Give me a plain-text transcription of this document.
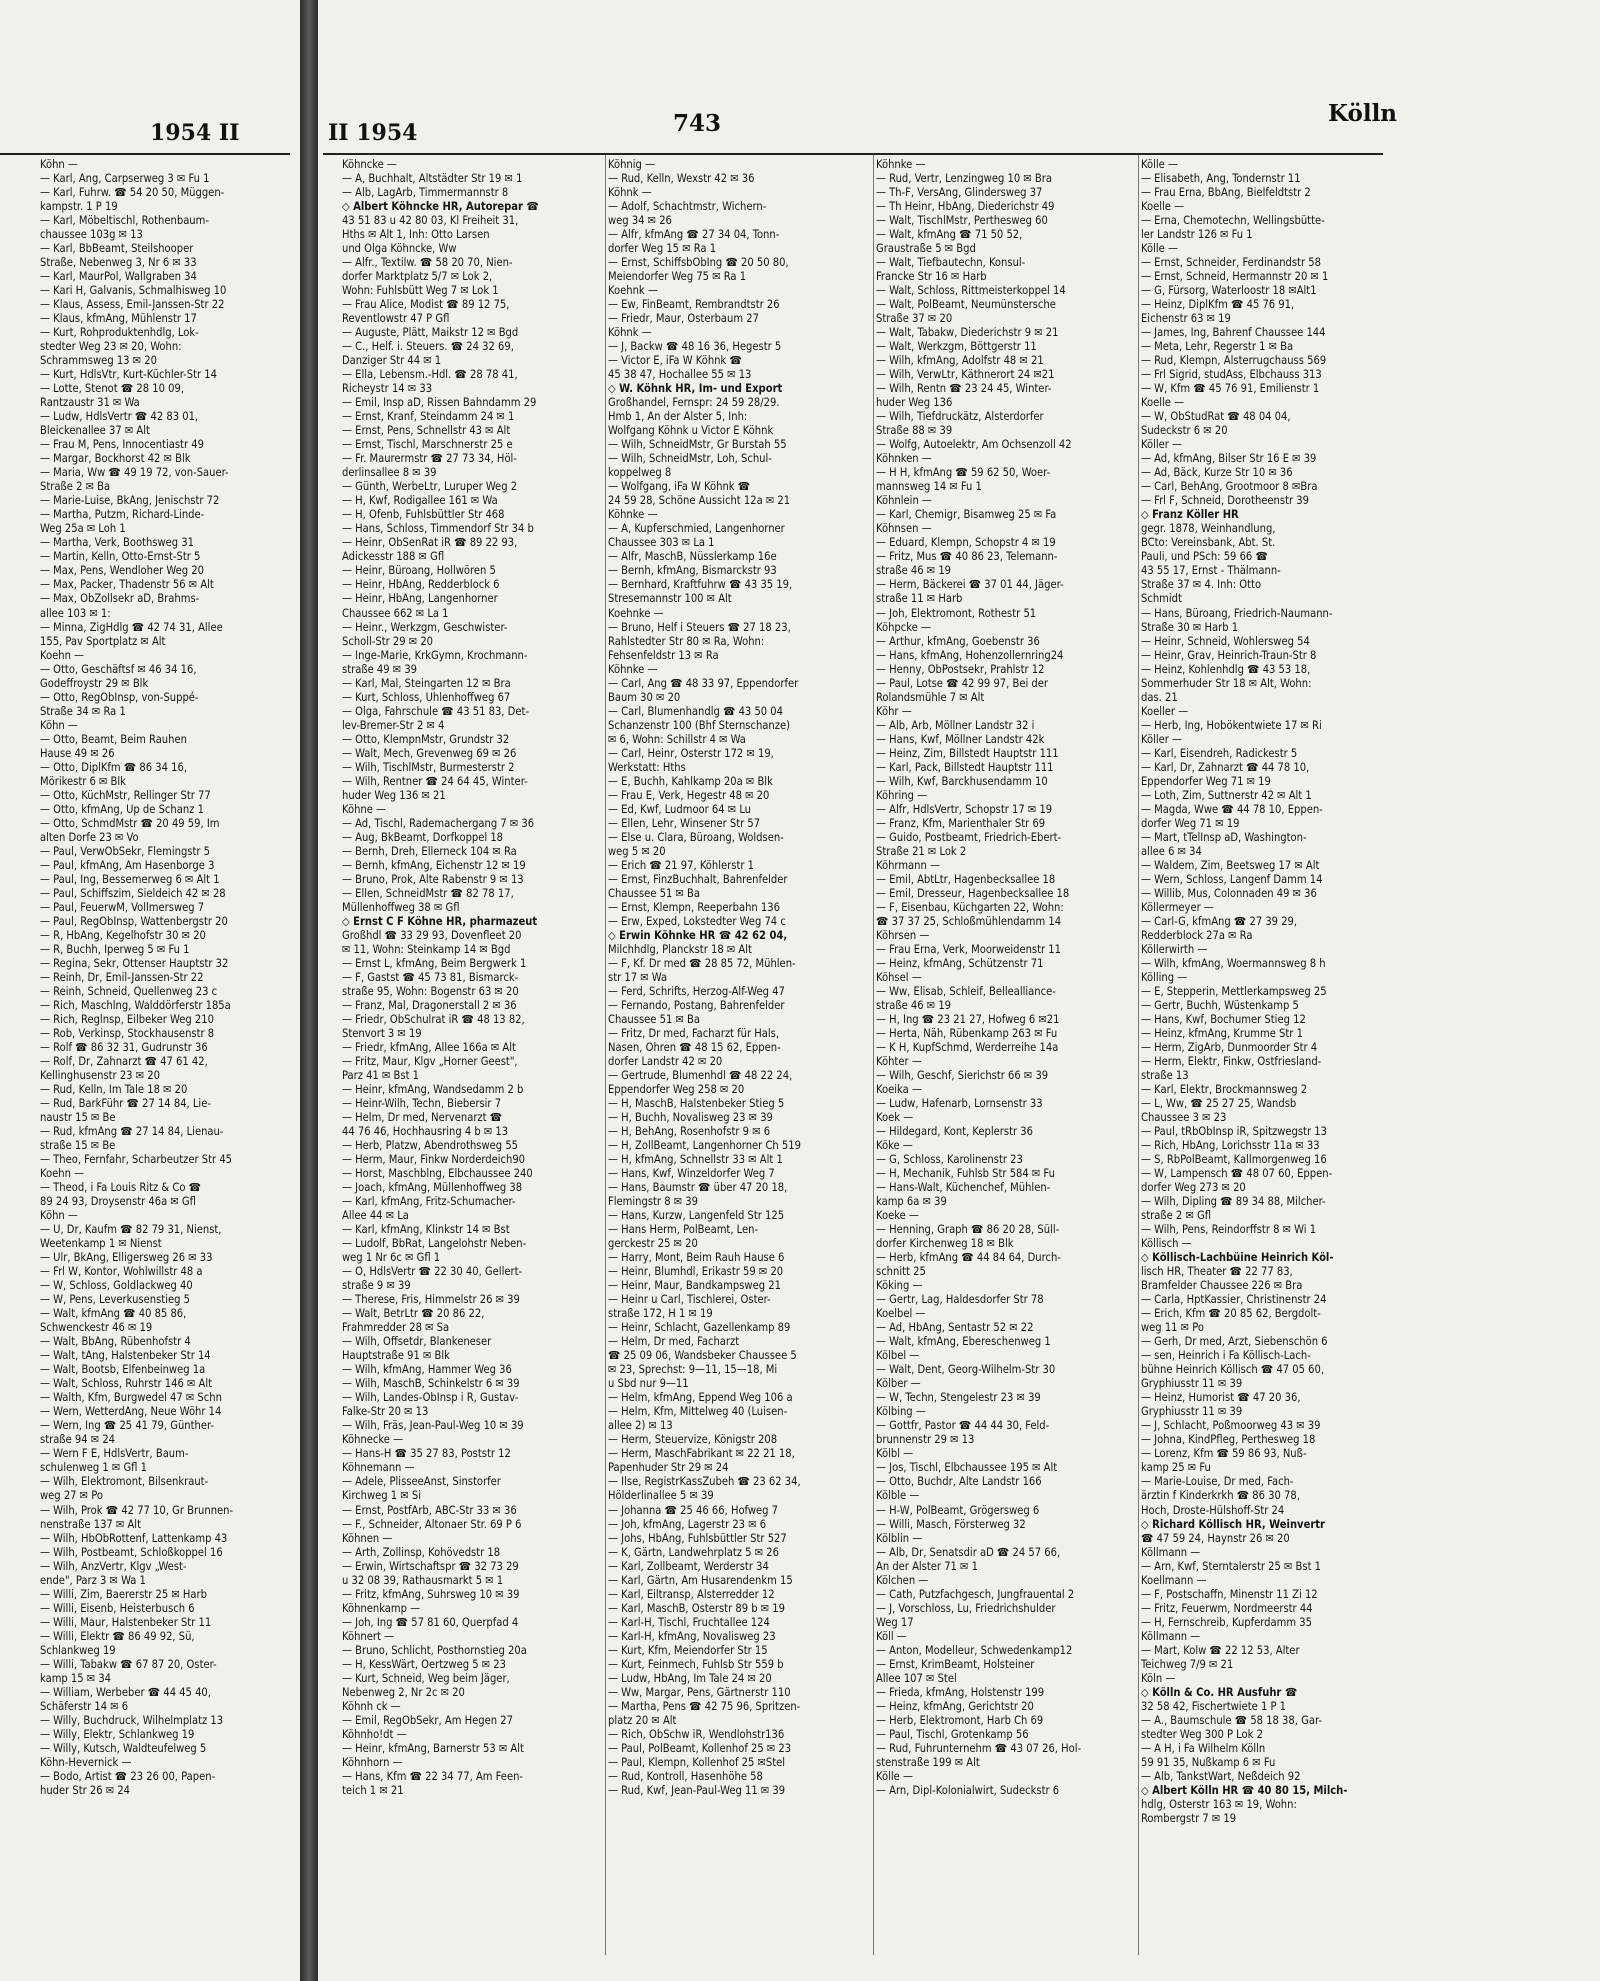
1954 II
Köhn —
— Karl, Ang, Carpserweg 3 ✉ Fu 1
— Karl, Fuhrw. ☎ 54 20 50, Müggen-
kampstr. 1 P 19
— Karl, Möbeltischl, Rothenbaum-
chaussee 103g ✉ 13
— Karl, BbBeamt, Steilshooper
Straße, Nebenweg 3, Nr 6 ✉ 33
— Karl, MaurPol, Wallgraben 34
— Kari H, Galvanis, Schmalhisweg 10
— Klaus, Assess, Emil-Janssen-Str 22
— Klaus, kfmAng, Mühlenstr 17
— Kurt, Rohproduktenhdlg, Lok-
stedter Weg 23 ✉ 20, Wohn:
Schrammsweg 13 ✉ 20
— Kurt, HdlsVtr, Kurt-Küchler-Str 14
— Lotte, Stenot ☎ 28 10 09,
Rantzaustr 31 ✉ Wa
— Ludw, HdlsVertr ☎ 42 83 01,
Bleickenallee 37 ✉ Alt
— Frau M, Pens, Innocentiastr 49
— Margar, Bockhorst 42 ✉ Blk
— Maria, Ww ☎ 49 19 72, von-Sauer-
Straße 2 ✉ Ba
— Marie-Luise, BkAng, Jenischstr 72
— Martha, Putzm, Richard-Linde-
Weg 25a ✉ Loh 1
— Martha, Verk, Boothsweg 31
— Martin, Kelln, Otto-Ernst-Str 5
— Max, Pens, Wendloher Weg 20
— Max, Packer, Thadenstr 56 ✉ Alt
— Max, ObZollsekr aD, Brahms-
allee 103 ✉ 1:
— Minna, ZigHdlg ☎ 42 74 31, Allee
155, Pav Sportplatz ✉ Alt
Koehn —
— Otto, Geschäftsf ✉ 46 34 16,
Godeffroystr 29 ✉ Blk
— Otto, RegObInsp, von-Suppé-
Straße 34 ✉ Ra 1
Köhn —
— Otto, Beamt, Beim Rauhen
Hause 49 ✉ 26
— Otto, DiplKfm ☎ 86 34 16,
Mörikestr 6 ✉ Blk
— Otto, KüchMstr, Rellinger Str 77
— Otto, kfmAng, Up de Schanz 1
— Otto, SchmdMstr ☎ 20 49 59, Im
alten Dorfe 23 ✉ Vo
— Paul, VerwObSekr, Flemingstr 5
— Paul, kfmAng, Am Hasenborge 3
— Paul, Ing, Bessemerweg 6 ✉ Alt 1
— Paul, Schiffszim, Sieldeich 42 ✉ 28
— Paul, FeuerwM, Vollmersweg 7
— Paul, RegObInsp, Wattenbergstr 20
— R, HbAng, Kegelhofstr 30 ✉ 20
— R, Buchh, Iperweg 5 ✉ Fu 1
— Regina, Sekr, Ottenser Hauptstr 32
— Reinh, Dr, Emil-Janssen-Str 22
— Reinh, Schneid, Quellenweg 23 c
— Rich, Maschlng, Walddörferstr 185a
— Rich, Reglnsp, Eilbeker Weg 210
— Rob, Verkinsp, Stockhausenstr 8
— Rolf ☎ 86 32 31, Gudrunstr 36
— Rolf, Dr, Zahnarzt ☎ 47 61 42,
Kellinghusenstr 23 ✉ 20
— Rud, Kelln, Im Tale 18 ✉ 20
— Rud, BarkFühr ☎ 27 14 84, Lie-
naustr 15 ✉ Be
— Rud, kfmAng ☎ 27 14 84, Lienau-
straße 15 ✉ Be
— Theo, Fernfahr, Scharbeutzer Str 45
Koehn —
— Theod, i Fa Louis Ritz & Co ☎
89 24 93, Droysenstr 46a ✉ Gfl
Köhn —
— U, Dr, Kaufm ☎ 82 79 31, Nienst,
Weetenkamp 1 ✉ Nienst
— Ulr, BkAng, Elligersweg 26 ✉ 33
— Frl W, Kontor, Wohlwillstr 48 a
— W, Schloss, Goldlackweg 40
— W, Pens, Leverkusenstieg 5
— Walt, kfmAng ☎ 40 85 86,
Schwenckestr 46 ✉ 19
— Walt, BbAng, Rübenhofstr 4
— Walt, tAng, Halstenbeker Str 14
— Walt, Bootsb, Elfenbeinweg 1a
— Walt, Schloss, Ruhrstr 146 ✉ Alt
— Walth, Kfm, Burgwedel 47 ✉ Schn
— Wern, WetterdAng, Neue Wöhr 14
— Wern, Ing ☎ 25 41 79, Günther-
straße 94 ✉ 24
— Wern F E, HdlsVertr, Baum-
schulenweg 1 ✉ Gfl 1
— Wilh, Elektromont, Bilsenkraut-
weg 27 ✉ Po
— Wilh, Prok ☎ 42 77 10, Gr Brunnen-
nenstraße 137 ✉ Alt
— Wilh, HbObRottenf, Lattenkamp 43
— Wilh, Postbeamt, Schloßkoppel 16
— Wilh, AnzVertr, Klgv „West-
ende", Parz 3 ✉ Wa 1
— Willi, Zim, Baererstr 25 ✉ Harb
— Willi, Eisenb, Heisterbusch 6
— Willi, Maur, Halstenbeker Str 11
— Willi, Elektr ☎ 86 49 92, Sü,
Schlankweg 19
— Willi, Tabakw ☎ 67 87 20, Oster-
kamp 15 ✉ 34
— William, Werbeber ☎ 44 45 40,
Schäferstr 14 ✉ 6
— Willy, Buchdruck, Wilhelmplatz 13
— Willy, Elektr, Schlankweg 19
— Willy, Kutsch, Waldteufelweg 5
Köhn-Hevernick —
— Bodo, Artist ☎ 23 26 00, Papen-
huder Str 26 ✉ 24
II 1954	743	Kölln
Köhncke —
— A, Buchhalt, Altstädter Str 19 ✉ 1
— Alb, LagArb, Timmermannstr 8
◇ Albert Köhncke HR, Autorepar ☎
43 51 83 u 42 80 03, Kl Freiheit 31,
Hths ✉ Alt 1, Inh: Otto Larsen
und Olga Köhncke, Ww
— Alfr., Textilw. ☎ 58 20 70, Nien-
dorfer Marktplatz 5/7 ✉ Lok 2,
Wohn: Fuhlsbütt Weg 7 ✉ Lok 1
— Frau Alice, Modist ☎ 89 12 75,
Reventlowstr 47 P Gfl
— Auguste, Plätt, Maikstr 12 ✉ Bgd
— C., Helf. i. Steuers. ☎ 24 32 69,
Danziger Str 44 ✉ 1
— Ella, Lebensm.-Hdl. ☎ 28 78 41,
Richeystr 14 ✉ 33
— Emil, Insp aD, Rissen Bahndamm 29
— Ernst, Kranf, Steindamm 24 ✉ 1
— Ernst, Pens, Schnellstr 43 ✉ Alt
— Ernst, Tischl, Marschnerstr 25 e
— Fr. Maurermstr ☎ 27 73 34, Höl-
derlinsallee 8 ✉ 39
— Günth, WerbeLtr, Luruper Weg 2
— H, Kwf, Rodigallee 161 ✉ Wa
— H, Ofenb, Fuhlsbüttler Str 468
— Hans, Schloss, Timmendorf Str 34 b
— Heinr, ObSenRat iR ☎ 89 22 93,
Adickesstr 188 ✉ Gfl
— Heinr, Büroang, Hollwören 5
— Heinr, HbAng, Redderblock 6
— Heinr, HbAng, Langenhorner
Chaussee 662 ✉ La 1
— Heinr., Werkzgm, Geschwister-
Scholl-Str 29 ✉ 20
— Inge-Marie, KrkGymn, Krochmann-
straße 49 ✉ 39
— Karl, Mal, Steingarten 12 ✉ Bra
— Kurt, Schloss, Uhlenhoffweg 67
— Olga, Fahrschule ☎ 43 51 83, Det-
lev-Bremer-Str 2 ✉ 4
— Otto, KlempnMstr, Grundstr 32
— Walt, Mech, Grevenweg 69 ✉ 26
— Wilh, TischlMstr, Burmesterstr 2
— Wilh, Rentner ☎ 24 64 45, Winter-
huder Weg 136 ✉ 21
Köhne —
— Ad, Tischl, Rademachergang 7 ✉ 36
— Aug, BkBeamt, Dorfkoppel 18
— Bernh, Dreh, Ellerneck 104 ✉ Ra
— Bernh, kfmAng, Eichenstr 12 ✉ 19
— Bruno, Prok, Alte Rabenstr 9 ✉ 13
— Ellen, SchneidMstr ☎ 82 78 17,
Müllenhoffweg 38 ✉ Gfl
◇ Ernst C F Köhne HR, pharmazeut
Großhdl ☎ 33 29 93, Dovenfleet 20
✉ 11, Wohn: Steinkamp 14 ✉ Bgd
— Ernst L, kfmAng, Beim Bergwerk 1
— F, Gastst ☎ 45 73 81, Bismarck-
straße 95, Wohn: Bogenstr 63 ✉ 20
— Franz, Mal, Dragonerstall 2 ✉ 36
— Friedr, ObSchulrat iR ☎ 48 13 82,
Stenvort 3 ✉ 19
— Friedr, kfmAng, Allee 166a ✉ Alt
— Fritz, Maur, Klgv „Horner Geest",
Parz 41 ✉ Bst 1
— Heinr, kfmAng, Wandsedamm 2 b
— Heinr-Wilh, Techn, Biebersir 7
— Helm, Dr med, Nervenarzt ☎
44 76 46, Hochhausring 4 b ✉ 13
— Herb, Platzw, Abendrothsweg 55
— Herm, Maur, Finkw Norderdeich90
— Horst, Maschblng, Elbchaussee 240
— Joach, kfmAng, Müllenhoffweg 38
— Karl, kfmAng, Fritz-Schumacher-
Allee 44 ✉ La
— Karl, kfmAng, Klinkstr 14 ✉ Bst
— Ludolf, BbRat, Langelohstr Neben-
weg 1 Nr 6c ✉ Gfl 1
— O, HdlsVertr ☎ 22 30 40, Gellert-
straße 9 ✉ 39
— Therese, Fris, Himmelstr 26 ✉ 39
— Walt, BetrLtr ☎ 20 86 22,
Frahmredder 28 ✉ Sa
— Wilh, Offsetdr, Blankeneser
Hauptstraße 91 ✉ Blk
— Wilh, kfmAng, Hammer Weg 36
— Wilh, MaschB, Schinkelstr 6 ✉ 39
— Wilh, Landes-ObInsp i R, Gustav-
Falke-Str 20 ✉ 13
— Wilh, Fräs, Jean-Paul-Weg 10 ✉ 39
Köhnecke —
— Hans-H ☎ 35 27 83, Poststr 12
Köhnemann —
— Adele, PlisseeAnst, Sinstorfer
Kirchweg 1 ✉ Si
— Ernst, PostfArb, ABC-Str 33 ✉ 36
— F., Schneider, Altonaer Str. 69 P 6
Köhnen —
— Arth, Zollinsp, Kohövedstr 18
— Erwin, Wirtschaftspr ☎ 32 73 29
u 32 08 39, Rathausmarkt 5 ✉ 1
— Fritz, kfmAng, Suhrsweg 10 ✉ 39
Köhnenkamp —
— Joh, Ing ☎ 57 81 60, Querpfad 4
Köhnert —
— Bruno, Schlicht, Posthornstieg 20a
— H, KessWärt, Oertzweg 5 ✉ 23
— Kurt, Schneid, Weg beim Jäger,
Nebenweg 2, Nr 2c ✉ 20
Köhnh ck —
— Emil, RegObSekr, Am Hegen 27
Köhnho!dt —
— Heinr, kfmAng, Barnerstr 53 ✉ Alt
Köhnhorn —
— Hans, Kfm ☎ 22 34 77, Am Feen-
teich 1 ✉ 21
Köhnig —
— Rud, Kelln, Wexstr 42 ✉ 36
Köhnk —
— Adolf, Schachtmstr, Wichern-
weg 34 ✉ 26
— Alfr, kfmAng ☎ 27 34 04, Tonn-
dorfer Weg 15 ✉ Ra 1
— Ernst, SchiffsbObIng ☎ 20 50 80,
Meiendorfer Weg 75 ✉ Ra 1
Koehnk —
— Ew, FinBeamt, Rembrandtstr 26
— Friedr, Maur, Osterbaum 27
Köhnk —
— J, Backw ☎ 48 16 36, Hegestr 5
— Victor E, iFa W Köhnk ☎
45 38 47, Hochallee 55 ✉ 13
◇ W. Köhnk HR, Im- und Export
Großhandel, Fernspr: 24 59 28/29.
Hmb 1, An der Alster 5, Inh:
Wolfgang Köhnk u Victor E Köhnk
— Wilh, SchneidMstr, Gr Burstah 55
— Wilh, SchneidMstr, Loh, Schul-
koppelweg 8
— Wolfgang, iFa W Köhnk ☎
24 59 28, Schöne Aussicht 12a ✉ 21
Köhnke —
— A, Kupferschmied, Langenhorner
Chaussee 303 ✉ La 1
— Alfr, MaschB, Nüsslerkamp 16e
— Bernh, kfmAng, Bismarckstr 93
— Bernhard, Kraftfuhrw ☎ 43 35 19,
Stresemannstr 100 ✉ Alt
Koehnke —
— Bruno, Helf i Steuers ☎ 27 18 23,
Rahlstedter Str 80 ✉ Ra, Wohn:
Fehsenfeldstr 13 ✉ Ra
Köhnke —
— Carl, Ang ☎ 48 33 97, Eppendorfer
Baum 30 ✉ 20
— Carl, Blumenhandlg ☎ 43 50 04
Schanzenstr 100 (Bhf Sternschanze)
✉ 6, Wohn: Schillstr 4 ✉ Wa
— Carl, Heinr, Osterstr 172 ✉ 19,
Werkstatt: Hths
— E, Buchh, Kahlkamp 20a ✉ Blk
— Frau E, Verk, Hegestr 48 ✉ 20
— Ed, Kwf, Ludmoor 64 ✉ Lu
— Ellen, Lehr, Winsener Str 57
— Else u. Clara, Büroang, Woldsen-
weg 5 ✉ 20
— Erich ☎ 21 97, Köhlerstr 1
— Ernst, FinzBuchhalt, Bahrenfelder
Chaussee 51 ✉ Ba
— Ernst, Klempn, Reeperbahn 136
— Erw, Exped, Lokstedter Weg 74 c
◇ Erwin Köhnke HR ☎ 42 62 04,
Milchhdlg, Planckstr 18 ✉ Alt
— F, Kf. Dr med ☎ 28 85 72, Mühlen-
str 17 ✉ Wa
— Ferd, Schrifts, Herzog-Alf-Weg 47
— Fernando, Postang, Bahrenfelder
Chaussee 51 ✉ Ba
— Fritz, Dr med, Facharzt für Hals,
Nasen, Ohren ☎ 48 15 62, Eppen-
dorfer Landstr 42 ✉ 20
— Gertrude, Blumenhdl ☎ 48 22 24,
Eppendorfer Weg 258 ✉ 20
— H, MaschB, Halstenbeker Stieg 5
— H, Buchh, Novalisweg 23 ✉ 39
— H, BehAng, Rosenhofstr 9 ✉ 6
— H, ZollBeamt, Langenhorner Ch 519
— H, kfmAng, Schnellstr 33 ✉ Alt 1
— Hans, Kwf, Winzeldorfer Weg 7
— Hans, Baumstr ☎ über 47 20 18,
Flemingstr 8 ✉ 39
— Hans, Kurzw, Langenfeld Str 125
— Hans Herm, PolBeamt, Len-
gerckestr 25 ✉ 20
— Harry, Mont, Beim Rauh Hause 6
— Heinr, Blumhdl, Erikastr 59 ✉ 20
— Heinr, Maur, Bandkampsweg 21
— Heinr u Carl, Tischlerei, Oster-
straße 172, H 1 ✉ 19
— Heinr, Schlacht, Gazellenkamp 89
— Helm, Dr med, Facharzt
☎ 25 09 06, Wandsbeker Chaussee 5
✉ 23, Sprechst: 9—11, 15—18, Mi
u Sbd nur 9—11
— Helm, kfmAng, Eppend Weg 106 a
— Helm, Kfm, Mittelweg 40 (Luisen-
allee 2) ✉ 13
— Herm, Steuervize, Königstr 208
— Herm, MaschFabrikant ✉ 22 21 18,
Papenhuder Str 29 ✉ 24
— Ilse, RegistrKassZubeh ☎ 23 62 34,
Hölderlinallee 5 ✉ 39
— Johanna ☎ 25 46 66, Hofweg 7
— Joh, kfmAng, Lagerstr 23 ✉ 6
— Johs, HbAng, Fuhlsbüttler Str 527
— K, Gärtn, Landwehrplatz 5 ✉ 26
— Karl, Zollbeamt, Werderstr 34
— Karl, Gärtn, Am Husarendenkm 15
— Karl, Eiltransp, Alsterredder 12
— Karl, MaschB, Osterstr 89 b ✉ 19
— Karl-H, Tischl, Fruchtallee 124
— Karl-H, kfmAng, Novalisweg 23
— Kurt, Kfm, Meiendorfer Str 15
— Kurt, Feinmech, Fuhlsb Str 559 b
— Ludw, HbAng, Im Tale 24 ✉ 20
— Ww, Margar, Pens, Gärtnerstr 110
— Martha, Pens ☎ 42 75 96, Spritzen-
platz 20 ✉ Alt
— Rich, ObSchw iR, Wendlohstr136
— Paul, PolBeamt, Kollenhof 25 ✉ 23
— Paul, Klempn, Kollenhof 25 ✉Stel
— Rud, Kontroll, Hasenhöhe 58
— Rud, Kwf, Jean-Paul-Weg 11 ✉ 39
Köhnke —
— Rud, Vertr, Lenzingweg 10 ✉ Bra
— Th-F, VersAng, Glindersweg 37
— Th Heinr, HbAng, Diederichstr 49
— Walt, TischlMstr, Perthesweg 60
— Walt, kfmAng ☎ 71 50 52,
Graustraße 5 ✉ Bgd
— Walt, Tiefbautechn, Konsul-
Francke Str 16 ✉ Harb
— Walt, Schloss, Rittmeisterkoppel 14
— Walt, PolBeamt, Neumünstersche
Straße 37 ✉ 20
— Walt, Tabakw, Diederichstr 9 ✉ 21
— Walt, Werkzgm, Böttgerstr 11
— Wilh, kfmAng, Adolfstr 48 ✉ 21
— Wilh, VerwLtr, Käthnerort 24 ✉21
— Wilh, Rentn ☎ 23 24 45, Winter-
huder Weg 136
— Wilh, Tiefdruckätz, Alsterdorfer
Straße 88 ✉ 39
— Wolfg, Autoelektr, Am Ochsenzoll 42
Köhnken —
— H H, kfmAng ☎ 59 62 50, Woer-
mannsweg 14 ✉ Fu 1
Köhnlein —
— Karl, Chemigr, Bisamweg 25 ✉ Fa
Köhnsen —
— Eduard, Klempn, Schopstr 4 ✉ 19
— Fritz, Mus ☎ 40 86 23, Telemann-
straße 46 ✉ 19
— Herm, Bäckerei ☎ 37 01 44, Jäger-
straße 11 ✉ Harb
— Joh, Elektromont, Rothestr 51
Köhpcke —
— Arthur, kfmAng, Goebenstr 36
— Hans, kfmAng, Hohenzollernring24
— Henny, ObPostsekr, Prahlstr 12
— Paul, Lotse ☎ 42 99 97, Bei der
Rolandsmühle 7 ✉ Alt
Köhr —
— Alb, Arb, Möllner Landstr 32 i
— Hans, Kwf, Möllner Landstr 42k
— Heinz, Zim, Billstedt Hauptstr 111
— Karl, Pack, Billstedt Hauptstr 111
— Wilh, Kwf, Barckhusendamm 10
Köhring —
— Alfr, HdlsVertr, Schopstr 17 ✉ 19
— Franz, Kfm, Marienthaler Str 69
— Guido, Postbeamt, Friedrich-Ebert-
Straße 21 ✉ Lok 2
Köhrmann —
— Emil, AbtLtr, Hagenbecksallee 18
— Emil, Dresseur, Hagenbecksallee 18
— F, Eisenbau, Küchgarten 22, Wohn:
☎ 37 37 25, Schloßmühlendamm 14
Köhrsen —
— Frau Erna, Verk, Moorweidenstr 11
— Heinz, kfmAng, Schützenstr 71
Köhsel —
— Ww, Elisab, Schleif, Bellealliance-
straße 46 ✉ 19
— H, Ing ☎ 23 21 27, Hofweg 6 ✉21
— Herta, Näh, Rübenkamp 263 ✉ Fu
— K H, KupfSchmd, Werderreihe 14a
Köhter —
— Wilh, Geschf, Sierichstr 66 ✉ 39
Koeika —
— Ludw, Hafenarb, Lornsenstr 33
Koek —
— Hildegard, Kont, Keplerstr 36
Köke —
— G, Schloss, Karolinenstr 23
— H, Mechanik, Fuhlsb Str 584 ✉ Fu
— Hans-Walt, Küchenchef, Mühlen-
kamp 6a ✉ 39
Koeke —
— Henning, Graph ☎ 86 20 28, Süll-
dorfer Kirchenweg 18 ✉ Blk
— Herb, kfmAng ☎ 44 84 64, Durch-
schnitt 25
Köking —
— Gertr, Lag, Haldesdorfer Str 78
Koelbel —
— Ad, HbAng, Sentastr 52 ✉ 22
— Walt, kfmAng, Ebereschenweg 1
Kölbel —
— Walt, Dent, Georg-Wilhelm-Str 30
Kölber —
— W, Techn, Stengelestr 23 ✉ 39
Kölbing —
— Gottfr, Pastor ☎ 44 44 30, Feld-
brunnenstr 29 ✉ 13
Kölbl —
— Jos, Tischl, Elbchaussee 195 ✉ Alt
— Otto, Buchdr, Alte Landstr 166
Kölble —
— H-W, PolBeamt, Grögersweg 6
— Willi, Masch, Försterweg 32
Kölblin —
— Alb, Dr, Senatsdir aD ☎ 24 57 66,
An der Alster 71 ✉ 1
Kölchen —
— Cath, Putzfachgesch, Jungfrauental 2
— J, Vorschloss, Lu, Friedrichshulder
Weg 17
Köll —
— Anton, Modelleur, Schwedenkamp12
— Ernst, KrimBeamt, Holsteiner
Allee 107 ✉ Stel
— Frieda, kfmAng, Holstenstr 199
— Heinz, kfmAng, Gerichtstr 20
— Herb, Elektromont, Harb Ch 69
— Paul, Tischl, Grotenkamp 56
— Rud, Fuhrunternehm ☎ 43 07 26, Hol-
stenstraße 199 ✉ Alt
Kölle —
— Arn, Dipl-Kolonialwirt, Sudeckstr 6
Kölle —
— Elisabeth, Ang, Tondernstr 11
— Frau Erna, BbAng, Bielfeldtstr 2
Koelle —
— Erna, Chemotechn, Wellingsbütte-
ler Landstr 126 ✉ Fu 1
Kölle —
— Ernst, Schneider, Ferdinandstr 58
— Ernst, Schneid, Hermannstr 20 ✉ 1
— G, Fürsorg, Waterloostr 18 ✉Alt1
— Heinz, DiplKfm ☎ 45 76 91,
Eichenstr 63 ✉ 19
— James, Ing, Bahrenf Chaussee 144
— Meta, Lehr, Regerstr 1 ✉ Ba
— Rud, Klempn, Alsterrugchauss 569
— Frl Sigrid, studAss, Elbchauss 313
— W, Kfm ☎ 45 76 91, Emilienstr 1
Koelle —
— W, ObStudRat ☎ 48 04 04,
Sudeckstr 6 ✉ 20
Köller —
— Ad, kfmAng, Bilser Str 16 E ✉ 39
— Ad, Bäck, Kurze Str 10 ✉ 36
— Carl, BehAng, Grootmoor 8 ✉Bra
— Frl F, Schneid, Dorotheenstr 39
◇ Franz Köller HR
gegr. 1878, Weinhandlung,
BCto: Vereinsbank, Abt. St.
Pauli, und PSch: 59 66 ☎
43 55 17, Ernst - Thälmann-
Straße 37 ✉ 4. Inh: Otto
Schmidt
— Hans, Büroang, Friedrich-Naumann-
Straße 30 ✉ Harb 1
— Heinr, Schneid, Wohlersweg 54
— Heinr, Grav, Heinrich-Traun-Str 8
— Heinz, Kohlenhdlg ☎ 43 53 18,
Sommerhuder Str 18 ✉ Alt, Wohn:
das. 21
Koeller —
— Herb, Ing, Hobökentwiete 17 ✉ Ri
Köller —
— Karl, Eisendreh, Radickestr 5
— Karl, Dr, Zahnarzt ☎ 44 78 10,
Eppendorfer Weg 71 ✉ 19
— Loth, Zim, Suttnerstr 42 ✉ Alt 1
— Magda, Wwe ☎ 44 78 10, Eppen-
dorfer Weg 71 ✉ 19
— Mart, tTelInsp aD, Washington-
allee 6 ✉ 34
— Waldem, Zim, Beetsweg 17 ✉ Alt
— Wern, Schloss, Langenf Damm 14
— Willib, Mus, Colonnaden 49 ✉ 36
Köllermeyer —
— Carl-G, kfmAng ☎ 27 39 29,
Redderblock 27a ✉ Ra
Köllerwirth —
— Wilh, kfmAng, Woermannsweg 8 h
Kölling —
— E, Stepperin, Mettlerkampsweg 25
— Gertr, Buchh, Wüstenkamp 5
— Hans, Kwf, Bochumer Stieg 12
— Heinz, kfmAng, Krumme Str 1
— Herm, ZigArb, Dunmoorder Str 4
— Herm, Elektr, Finkw, Ostfriesland-
straße 13
— Karl, Elektr, Brockmannsweg 2
— L, Ww, ☎ 25 27 25, Wandsb
Chaussee 3 ✉ 23
— Paul, tRbObInsp iR, Spitzwegstr 13
— Rich, HbAng, Lorichsstr 11a ✉ 33
— S, RbPolBeamt, Kallmorgenweg 16
— W, Lampensch ☎ 48 07 60, Eppen-
dorfer Weg 273 ✉ 20
— Wilh, Dipling ☎ 89 34 88, Milcher-
straße 2 ✉ Gfl
— Wilh, Pens, Reindorffstr 8 ✉ Wi 1
Köllisch —
◇ Köllisch-Lachbüine Heinrich Köl-
lisch HR, Theater ☎ 22 77 83,
Bramfelder Chaussee 226 ✉ Bra
— Carla, HptKassier, Christinenstr 24
— Erich, Kfm ☎ 20 85 62, Bergdolt-
weg 11 ✉ Po
— Gerh, Dr med, Arzt, Siebenschön 6
— sen, Heinrich i Fa Köllisch-Lach-
bühne Heinrich Köllisch ☎ 47 05 60,
Gryphiusstr 11 ✉ 39
— Heinz, Humorist ☎ 47 20 36,
Gryphiusstr 11 ✉ 39
— J, Schlacht, Poßmoorweg 43 ✉ 39
— Johna, KindPfleg, Perthesweg 18
— Lorenz, Kfm ☎ 59 86 93, Nuß-
kamp 25 ✉ Fu
— Marie-Louise, Dr med, Fach-
ärztin f Kinderkrkh ☎ 86 30 78,
Hoch, Droste-Hülshoff-Str 24
◇ Richard Köllisch HR, Weinvertr
☎ 47 59 24, Haynstr 26 ✉ 20
Köllmann —
— Arn, Kwf, Sterntalerstr 25 ✉ Bst 1
Koellmann —
— F, Postschaffn, Minenstr 11 Zi 12
— Fritz, Feuerwm, Nordmeerstr 44
— H, Fernschreib, Kupferdamm 35
Köllmann —
— Mart, Kolw ☎ 22 12 53, Alter
Teichweg 7/9 ✉ 21
Köln —
◇ Kölln & Co. HR Ausfuhr ☎
32 58 42, Fischertwiete 1 P 1
— A., Baumschule ☎ 58 18 38, Gar-
stedter Weg 300 P Lok 2
— A H, i Fa Wilhelm Kölln
59 91 35, Nußkamp 6 ✉ Fu
— Alb, TankstWart, Neßdeich 92
◇ Albert Kölln HR ☎ 40 80 15, Milch-
hdlg, Osterstr 163 ✉ 19, Wohn:
Rombergstr 7 ✉ 19
